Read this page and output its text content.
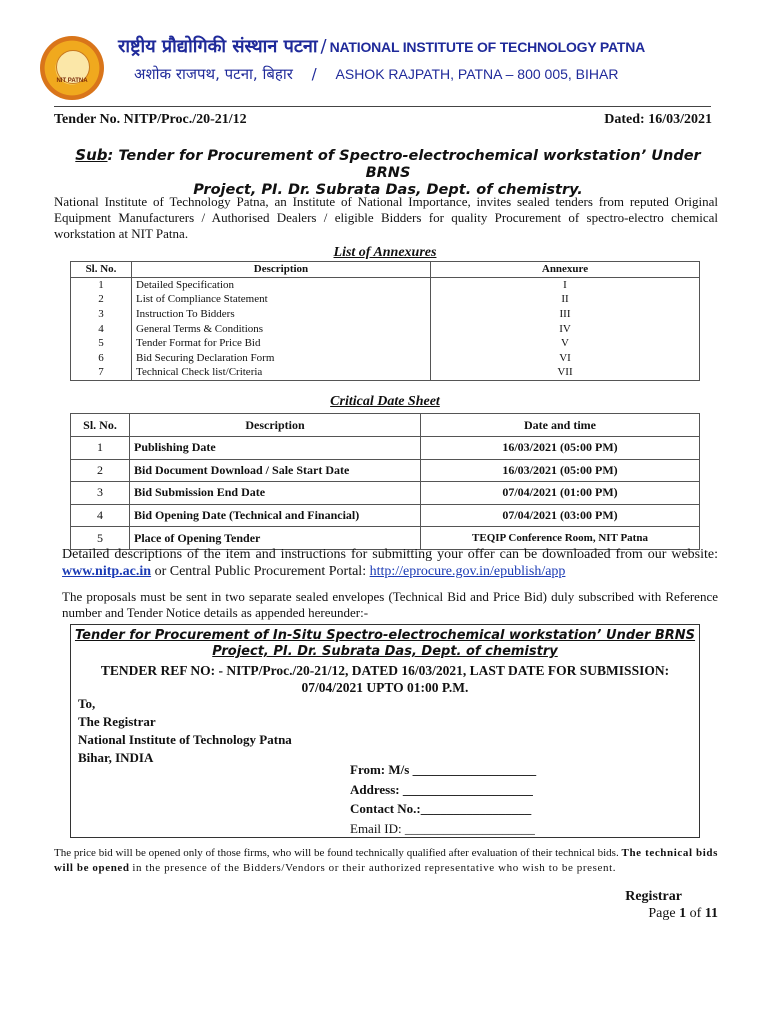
NIT PATNA
राष्ट्रीय प्रौद्योगिकी संस्थान पटना / NATIONAL INSTITUTE OF TECHNOLOGY PATNA
अशोक राजपथ, पटना, बिहार / ASHOK RAJPATH, PATNA – 800 005, BIHAR
Tender No. NITP/Proc./20-21/12	Dated: 16/03/2021
Sub: Tender for Procurement of Spectro-electrochemical workstation’ Under BRNS
Project, PI. Dr. Subrata Das, Dept. of chemistry.
National Institute of Technology Patna, an Institute of National Importance, invites sealed tenders from reputed Original Equipment Manufacturers / Authorised Dealers / eligible Bidders for quality Procurement of spectro-electro chemical workstation at NIT Patna.
List of Annexures
Sl. No.	Description	Annexure
1	Detailed Specification	I
2	List of Compliance Statement	II
3	Instruction To Bidders	III
4	General Terms & Conditions	IV
5	Tender Format for Price Bid	V
6	Bid Securing Declaration Form	VI
7	Technical Check list/Criteria	VII
Critical Date Sheet
Sl. No.	Description	Date and time
1	Publishing Date	16/03/2021 (05:00 PM)
2	Bid Document Download / Sale Start Date	16/03/2021 (05:00 PM)
3	Bid Submission End Date	07/04/2021 (01:00 PM)
4	Bid Opening Date (Technical and Financial)	07/04/2021 (03:00 PM)
5	Place of Opening Tender	TEQIP Conference Room, NIT Patna
Detailed descriptions of the item and instructions for submitting your offer can be downloaded from our website: www.nitp.ac.in or Central Public Procurement Portal: http://eprocure.gov.in/epublish/app
The proposals must be sent in two separate sealed envelopes (Technical Bid and Price Bid) duly subscribed with Reference number and Tender Notice details as appended hereunder:-
Tender for Procurement of In-Situ Spectro-electrochemical workstation’ Under BRNS
Project, PI. Dr. Subrata Das, Dept. of chemistry
TENDER REF NO: - NITP/Proc./20-21/12, DATED 16/03/2021, LAST DATE FOR SUBMISSION:
07/04/2021 UPTO 01:00 P.M.
To,
The Registrar
National Institute of Technology Patna
Bihar, INDIA
From: M/s ___________________
Address: ____________________
Contact No.:_________________
Email ID: ____________________
The price bid will be opened only of those firms, who will be found technically qualified after evaluation of their technical bids. The technical bids will be opened in the presence of the Bidders/Vendors or their authorized representative who wish to be present.
Registrar
Page 1 of 11
